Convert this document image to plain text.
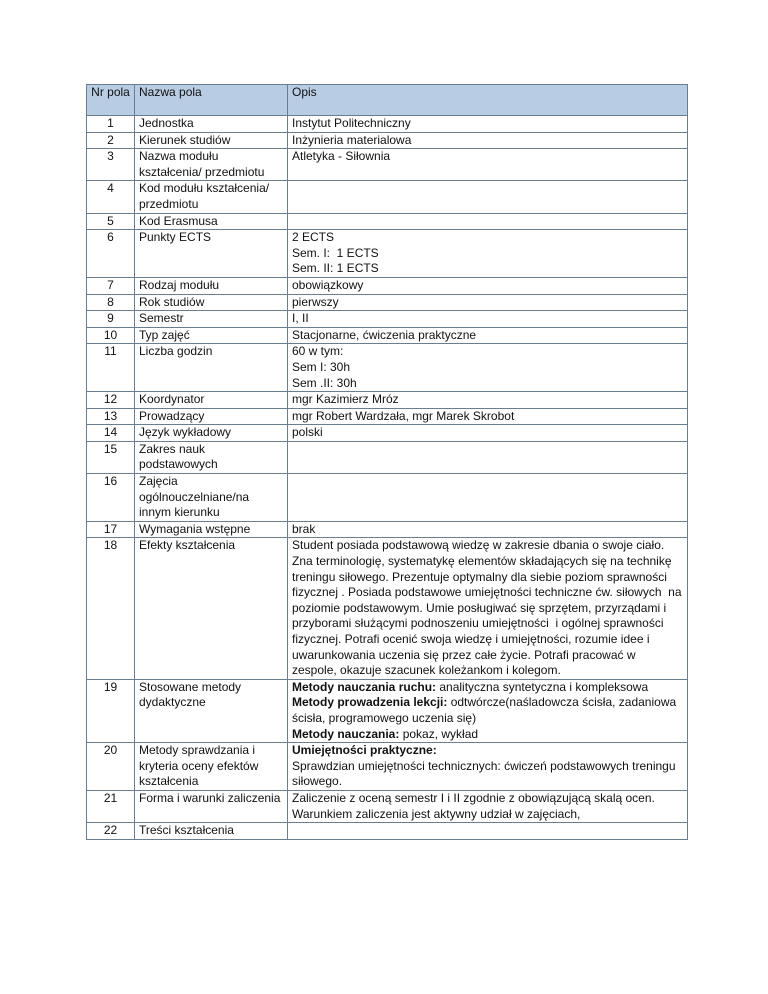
Nr pola	Nazwa pola	Opis
1	Jednostka	Instytut Politechniczny

2	Kierunek studiów	Inżynieria materialowa

3	Nazwa modułu kształcenia/ przedmiotu	Atletyka - Siłownia

4	Kod modułu kształcenia/ przedmiotu	
5	Kod Erasmusa	
6	Punkty ECTS	2 ECTS
Sem. I:  1 ECTS
Sem. II: 1 ECTS

7	Rodzaj modułu	obowiązkowy

8	Rok studiów	pierwszy

9	Semestr	I, II

10	Typ zajęć	Stacjonarne, ćwiczenia praktyczne

11	Liczba godzin	60 w tym:
Sem I: 30h
Sem .II: 30h

12	Koordynator	mgr Kazimierz Mróz

13	Prowadzący	mgr Robert Wardzała, mgr Marek Skrobot

14	Język wykładowy	polski

15	Zakres nauk podstawowych	
16	Zajęcia ogólnouczelniane/na innym kierunku	
17	Wymagania wstępne	brak

18	Efekty kształcenia	Student posiada podstawową wiedzę w zakresie dbania o swoje ciało. Zna terminologię, systematykę elementów składających się na technikę  treningu siłowego. Prezentuje optymalny dla siebie poziom sprawności fizycznej . Posiada podstawowe umiejętności techniczne ćw. siłowych  na poziomie podstawowym. Umie posługiwać się sprzętem, przyrządami i przyborami służącymi podnoszeniu umiejętności  i ogólnej sprawności fizycznej. Potrafi ocenić swoja wiedzę i umiejętności, rozumie idee i uwarunkowania uczenia się przez całe życie. Potrafi pracować w zespole, okazuje szacunek koleżankom i kolegom.

19	Stosowane metody dydaktyczne	Metody nauczania ruchu: analityczna syntetyczna i kompleksowa
Metody prowadzenia lekcji: odtwórcze(naśladowcza ścisła, zadaniowa ścisła, programowego uczenia się)
Metody nauczania: pokaz, wykład

20	Metody sprawdzania i kryteria oceny efektów kształcenia	Umiejętności praktyczne:
Sprawdzian umiejętności technicznych: ćwiczeń podstawowych treningu siłowego.

21	Forma i warunki zaliczenia	Zaliczenie z oceną semestr I i II zgodnie z obowiązującą skalą ocen. Warunkiem zaliczenia jest aktywny udział w zajęciach,

22	Treści kształcenia	
